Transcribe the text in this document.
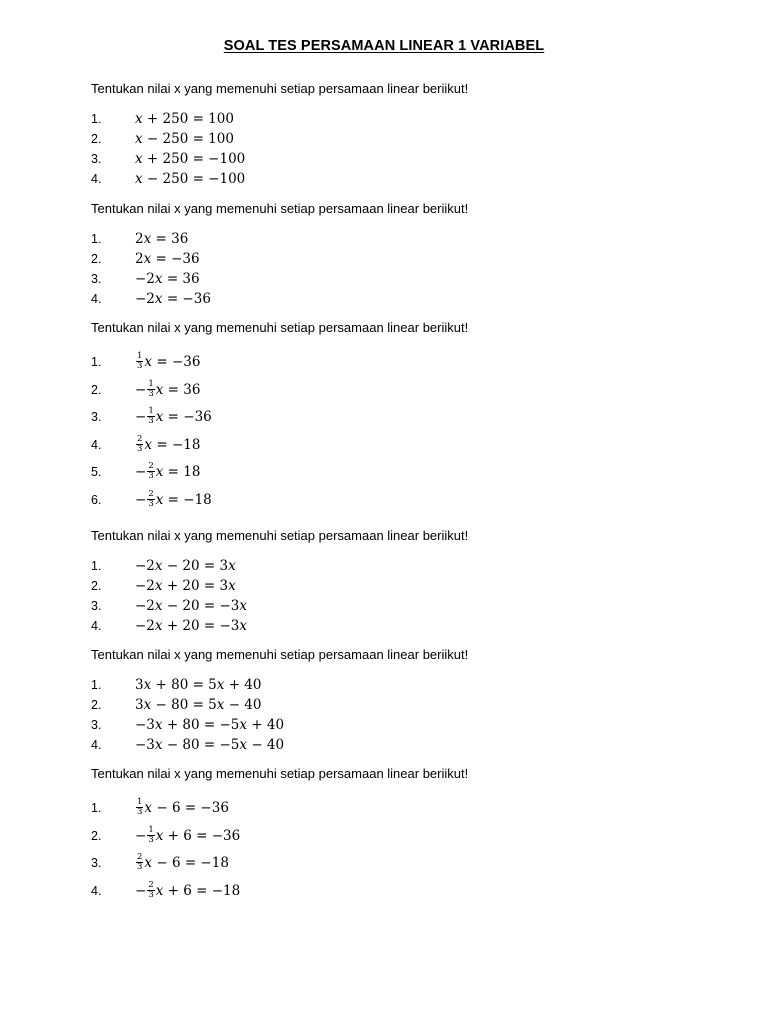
SOAL TES PERSAMAAN LINEAR 1 VARIABEL
Tentukan nilai x yang memenuhi setiap persamaan linear beriikut!
1. x + 250 = 100
2. x − 250 = 100
3. x + 250 = −100
4. x − 250 = −100
Tentukan nilai x yang memenuhi setiap persamaan linear beriikut!
1. 2x = 36
2. 2x = −36
3. −2x = 36
4. −2x = −36
Tentukan nilai x yang memenuhi setiap persamaan linear beriikut!
1.	$\frac{1}{3}$ x = −36
2. − $\frac{1}{3}$ x = 36
3. − $\frac{1}{3}$ x = −36
4.	$\frac{2}{3}$ x = −18
5. − $\frac{2}{3}$ x = 18
6. − $\frac{2}{3}$ x = −18
Tentukan nilai x yang memenuhi setiap persamaan linear beriikut!
1. −2x − 20 = 3x
2. −2x + 20 = 3x
3. −2x − 20 = −3x
4. −2x + 20 = −3x
Tentukan nilai x yang memenuhi setiap persamaan linear beriikut!
1. 3x + 80 = 5x + 40
2. 3x − 80 = 5x − 40
3. −3x + 80 = −5x + 40
4. −3x − 80 = −5x − 40
Tentukan nilai x yang memenuhi setiap persamaan linear beriikut!
1.	$\frac{1}{3}$ x − 6 = −36
2. − $\frac{1}{3}$ x + 6 = −36
3.	$\frac{2}{3}$ x − 6 = −18
4. − $\frac{2}{3}$ x + 6 = −18
